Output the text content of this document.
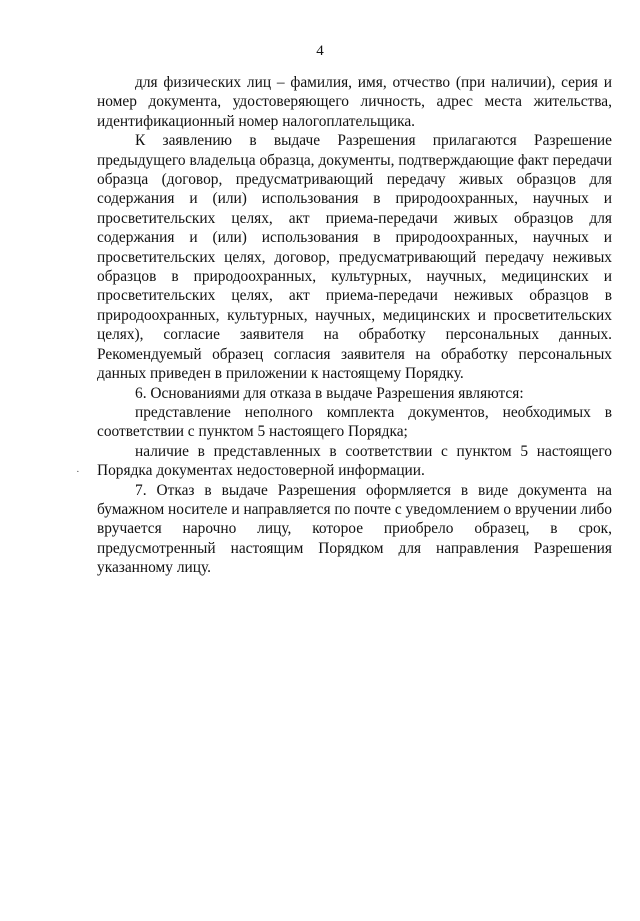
4

для физических лиц – фамилия, имя, отчество (при наличии), серия и номер документа, удостоверяющего личность, адрес места жительства, идентификационный номер налогоплательщика.

К заявлению в выдаче Разрешения прилагаются Разрешение предыдущего владельца образца, документы, подтверждающие факт передачи образца (договор, предусматривающий передачу живых образцов для содержания и (или) использования в природоохранных, научных и просветительских целях, акт приема-передачи живых образцов для содержания и (или) использования в природоохранных, научных и просветительских целях, договор, предусматривающий передачу неживых образцов в природоохранных, культурных, научных, медицинских и просветительских целях, акт приема-передачи неживых образцов в природоохранных, культурных, научных, медицинских и просветительских целях), согласие заявителя на обработку персональных данных. Рекомендуемый образец согласия заявителя на обработку персональных данных приведен в приложении к настоящему Порядку.

6. Основаниями для отказа в выдаче Разрешения являются:

представление неполного комплекта документов, необходимых в соответствии с пунктом 5 настоящего Порядка;

наличие в представленных в соответствии с пунктом 5 настоящего Порядка документах недостоверной информации.

7. Отказ в выдаче Разрешения оформляется в виде документа на бумажном носителе и направляется по почте с уведомлением о вручении либо вручается нарочно лицу, которое приобрело образец, в срок, предусмотренный настоящим Порядком для направления Разрешения указанному лицу.

·
